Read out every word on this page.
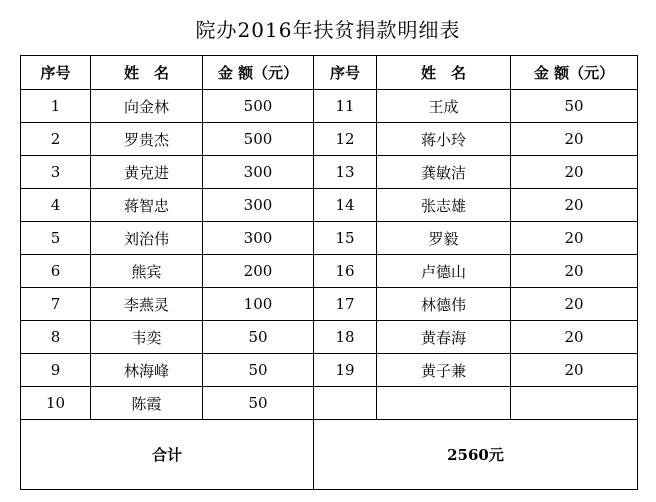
院办2016年扶贫捐款明细表
序号	姓　名	金 额（元）	序号	姓　名	金 额（元）
1	向金林	500	11	王成	50
2	罗贵杰	500	12	蒋小玲	20
3	黄克进	300	13	龚敏洁	20
4	蒋智忠	300	14	张志雄	20
5	刘治伟	300	15	罗毅	20
6	熊宾	200	16	卢德山	20
7	李燕灵	100	17	林德伟	20
8	韦奕	50	18	黄春海	20
9	林海峰	50	19	黄子兼	20
10	陈霞	50			
合计			2560元		
